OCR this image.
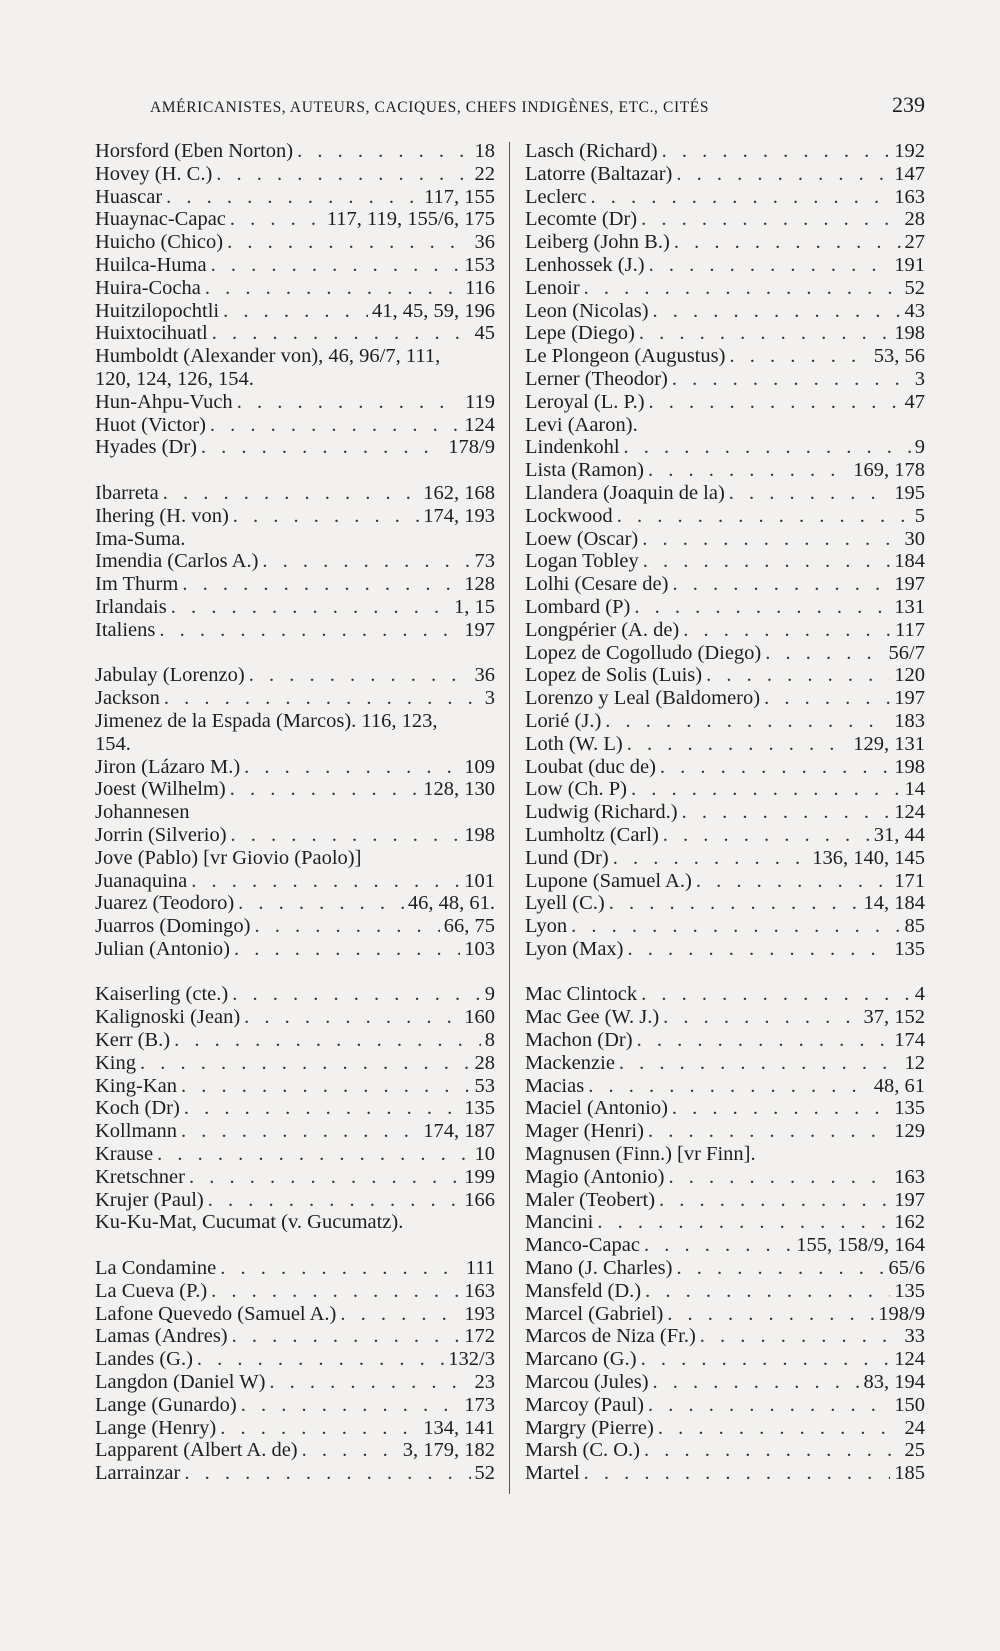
AMÉRICANISTES, AUTEURS, CACIQUES, CHEFS INDIGÈNES, ETC., CITÉS	239
Horsford (Eben Norton) . . .	18
Hovey (H. C.) . . .	22
Huascar . . .	117, 155
Huaynac-Capac . . .	117, 119, 155/6, 175
Huicho (Chico) . . .	36
Huilca-Huma . . .	153
Huira-Cocha . . .	116
Huitzilopochtli . . .	41, 45, 59, 196
Huixtocihuatl . . .	45
Humboldt (Alexander von), 46, 96/7, 111,
120, 124, 126, 154.
Hun-Ahpu-Vuch . . .	119
Huot (Victor) . . .	124
Hyades (Dr) . . .	178/9
Ibarreta . . .	162, 168
Ihering (H. von) . . .	174, 193
Ima-Suma.
Imendia (Carlos A.) . . .	73
Im Thurm . . .	128
Irlandais . . .	1, 15
Italiens . . .	197
Jabulay (Lorenzo) . . .	36
Jackson . . .	3
Jimenez de la Espada (Marcos). 116, 123,
154.
Jiron (Lázaro M.) . . .	109
Joest (Wilhelm) . . .	128, 130
Johannesen
Jorrin (Silverio) . . .	198
Jove (Pablo) [vr Giovio (Paolo)]
Juanaquina . . .	101
Juarez (Teodoro) . . .	46, 48, 61.
Juarros (Domingo) . . .	66, 75
Julian (Antonio) . . .	103
Kaiserling (cte.) . . .	9
Kalignoski (Jean) . . .	160
Kerr (B.) . . .	8
King . . .	28
King-Kan . . .	53
Koch (Dr) . . .	135
Kollmann . . .	174, 187
Krause . . .	10
Kretschner . . .	199
Krujer (Paul) . . .	166
Ku-Ku-Mat, Cucumat (v. Gucumatz).
La Condamine . . .	111
La Cueva (P.) . . .	163
Lafone Quevedo (Samuel A.) . . .	193
Lamas (Andres) . . .	172
Landes (G.) . . .	132/3
Langdon (Daniel W) . . .	23
Lange (Gunardo) . . .	173
Lange (Henry) . . .	134, 141
Lapparent (Albert A. de) . . .	3, 179, 182
Larrainzar . . .	52
Lasch (Richard) . . .	192
Latorre (Baltazar) . . .	147
Leclerc . . .	163
Lecomte (Dr) . . .	28
Leiberg (John B.) . . .	27
Lenhossek (J.) . . .	191
Lenoir . . .	52
Leon (Nicolas) . . .	43
Lepe (Diego) . . .	198
Le Plongeon (Augustus) . . .	53, 56
Lerner (Theodor) . . .	3
Leroyal (L. P.) . . .	47
Levi (Aaron).
Lindenkohl . . .	9
Lista (Ramon) . . .	169, 178
Llandera (Joaquin de la) . . .	195
Lockwood . . .	5
Loew (Oscar) . . .	30
Logan Tobley . . .	184
Lolhi (Cesare de) . . .	197
Lombard (P) . . .	131
Longpérier (A. de) . . .	117
Lopez de Cogolludo (Diego) . . .	56/7
Lopez de Solis (Luis) . . .	120
Lorenzo y Leal (Baldomero) . . .	197
Lorié (J.) . . .	183
Loth (W. L) . . .	129, 131
Loubat (duc de) . . .	198
Low (Ch. P) . . .	14
Ludwig (Richard.) . . .	124
Lumholtz (Carl) . . .	31, 44
Lund (Dr) . . .	136, 140, 145
Lupone (Samuel A.) . . .	171
Lyell (C.) . . .	14, 184
Lyon . . .	85
Lyon (Max) . . .	135
Mac Clintock . . .	4
Mac Gee (W. J.) . . .	37, 152
Machon (Dr) . . .	174
Mackenzie . . .	12
Macias . . .	48, 61
Maciel (Antonio) . . .	135
Mager (Henri) . . .	129
Magnusen (Finn.) [vr Finn].
Magio (Antonio) . . .	163
Maler (Teobert) . . .	197
Mancini . . .	162
Manco-Capac . . .	155, 158/9, 164
Mano (J. Charles) . . .	65/6
Mansfeld (D.) . . .	135
Marcel (Gabriel) . . .	198/9
Marcos de Niza (Fr.) . . .	33
Marcano (G.) . . .	124
Marcou (Jules) . . .	83, 194
Marcoy (Paul) . . .	150
Margry (Pierre) . . .	24
Marsh (C. O.) . . .	25
Martel . . .	185
